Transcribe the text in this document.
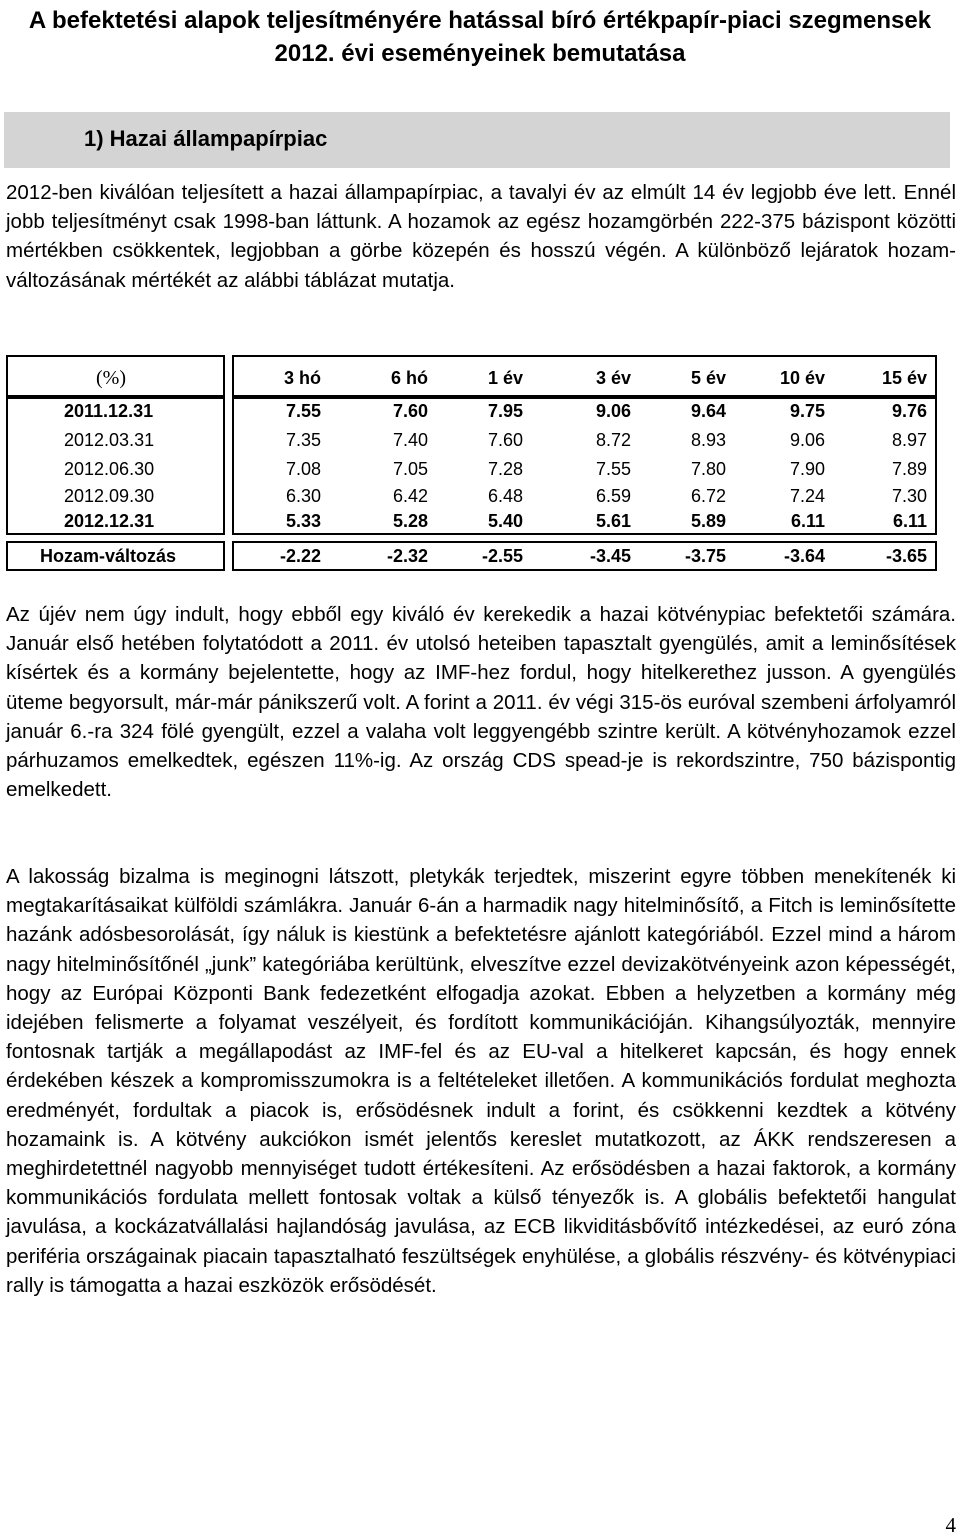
A befektetési alapok teljesítményére hatással bíró értékpapír-piaci szegmensek 2012. évi eseményeinek bemutatása
1) Hazai állampapírpiac

2012-ben kiválóan teljesített a hazai állampapírpiac, a tavalyi év az elmúlt 14 év legjobb éve lett. Ennél jobb teljesítményt csak 1998-ban láttunk. A hozamok az egész hozamgörbén 222-375 bázispont közötti mértékben csökkentek, legjobban a görbe közepén és hosszú végén. A különböző lejáratok hozam-változásának mértékét az alábbi táblázat mutatja.

(%)	3 hó	6 hó	1 év	3 év	5 év	10 év	15 év
2011.12.31	7.55	7.60	7.95	9.06	9.64	9.75	9.76
2012.03.31	7.35	7.40	7.60	8.72	8.93	9.06	8.97
2012.06.30	7.08	7.05	7.28	7.55	7.80	7.90	7.89
2012.09.30	6.30	6.42	6.48	6.59	6.72	7.24	7.30
2012.12.31	5.33	5.28	5.40	5.61	5.89	6.11	6.11
Hozam-változás	-2.22	-2.32	-2.55	-3.45	-3.75	-3.64	-3.65

Az újév nem úgy indult, hogy ebből egy kiváló év kerekedik a hazai kötvénypiac befektetői számára. Január első hetében folytatódott a 2011. év utolsó heteiben tapasztalt gyengülés, amit a leminősítések kísértek és a kormány bejelentette, hogy az IMF-hez fordul, hogy hitelkerethez jusson. A gyengülés üteme begyorsult, már-már pánikszerű volt. A forint a 2011. év végi 315-ös euróval szembeni árfolyamról január 6.-ra 324 fölé gyengült, ezzel a valaha volt leggyengébb szintre került. A kötvényhozamok ezzel párhuzamos emelkedtek, egészen 11%-ig. Az ország CDS spead-je is rekordszintre, 750 bázispontig emelkedett.

A lakosság bizalma is meginogni látszott, pletykák terjedtek, miszerint egyre többen menekítenék ki megtakarításaikat külföldi számlákra. Január 6-án a harmadik nagy hitelminősítő, a Fitch is leminősítette hazánk adósbesorolását, így náluk is kiestünk a befektetésre ajánlott kategóriából. Ezzel mind a három nagy hitelminősítőnél „junk” kategóriába kerültünk, elveszítve ezzel devizakötvényeink azon képességét, hogy az Európai Központi Bank fedezetként elfogadja azokat. Ebben a helyzetben a kormány még idejében felismerte a folyamat veszélyeit, és fordított kommunikációján. Kihangsúlyozták, mennyire fontosnak tartják a megállapodást az IMF-fel és az EU-val a hitelkeret kapcsán, és hogy ennek érdekében készek a kompromisszumokra is a feltételeket illetően. A kommunikációs fordulat meghozta eredményét, fordultak a piacok is, erősödésnek indult a forint, és csökkenni kezdtek a kötvény hozamaink is. A kötvény aukciókon ismét jelentős kereslet mutatkozott, az ÁKK rendszeresen a meghirdetettnél nagyobb mennyiséget tudott értékesíteni. Az erősödésben a hazai faktorok, a kormány kommunikációs fordulata mellett fontosak voltak a külső tényezők is. A globális befektetői hangulat javulása, a kockázatvállalási hajlandóság javulása, az ECB likviditásbővítő intézkedései, az euró zóna periféria országainak piacain tapasztalható feszültségek enyhülése, a globális részvény- és kötvénypiaci rally is támogatta a hazai eszközök erősödését.

4
